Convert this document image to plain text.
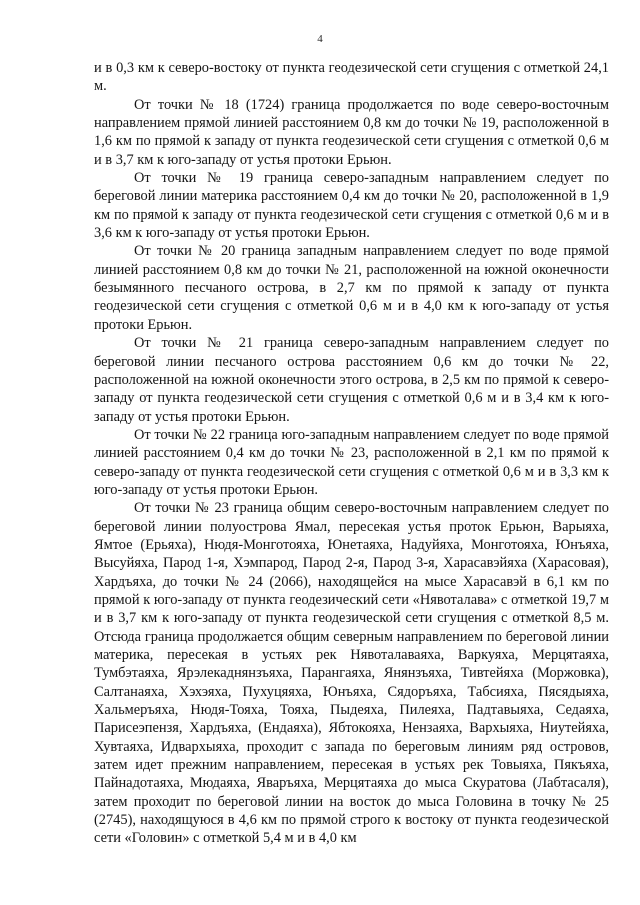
4

и в 0,3 км к северо-востоку от пункта геодезической сети сгущения с отметкой 24,1 м.

От точки № 18 (1724) граница продолжается по воде северо-восточным направлением прямой линией расстоянием 0,8 км до точки № 19, расположенной в 1,6 км по прямой к западу от пункта геодезической сети сгущения с отметкой 0,6 м и в 3,7 км к юго-западу от устья протоки Ерьюн.

От точки № 19 граница северо-западным направлением следует по береговой линии материка расстоянием 0,4 км до точки № 20, расположенной в 1,9 км по прямой к западу от пункта геодезической сети сгущения с отметкой 0,6 м и в 3,6 км к юго-западу от устья протоки Ерьюн.

От точки № 20 граница западным направлением следует по воде прямой линией расстоянием 0,8 км до точки № 21, расположенной на южной оконечности безымянного песчаного острова, в 2,7 км по прямой к западу от пункта геодезической сети сгущения с отметкой 0,6 м и в 4,0 км к юго-западу от устья протоки Ерьюн.

От точки № 21 граница северо-западным направлением следует по береговой линии песчаного острова расстоянием 0,6 км до точки № 22, расположенной на южной оконечности этого острова, в 2,5 км по прямой к северо-западу от пункта геодезической сети сгущения с отметкой 0,6 м и в 3,4 км к юго-западу от устья протоки Ерьюн.

От точки № 22 граница юго-западным направлением следует по воде прямой линией расстоянием 0,4 км до точки № 23, расположенной в 2,1 км по прямой к северо-западу от пункта геодезической сети сгущения с отметкой 0,6 м и в 3,3 км к юго-западу от устья протоки Ерьюн.

От точки № 23 граница общим северо-восточным направлением следует по береговой линии полуострова Ямал, пересекая устья проток Ерьюн, Варыяха, Ямтое (Ерьяха), Нюдя-Монготояха, Юнетаяха, Надуйяха, Монготояха, Юнъяха, Высуйяха, Парод 1-я, Хэмпарод, Парод 2-я, Парод 3-я, Харасавэйяха (Харасовая), Хардъяха, до точки № 24 (2066), находящейся на мысе Харасавэй в 6,1 км по прямой к юго-западу от пункта геодезический сети «Нявоталава» с отметкой 19,7 м и в 3,7 км к юго-западу от пункта геодезической сети сгущения с отметкой 8,5 м. Отсюда граница продолжается общим северным направлением по береговой линии материка, пересекая в устьях рек Нявоталаваяха, Варкуяха, Мерцятаяха, Тумбэтаяха, Ярэлекаднянзъяха, Парангаяха, Янянзъяха, Тивтейяха (Моржовка), Салтанаяха, Хэхэяха, Пухуцяяха, Юнъяха, Сядоръяха, Табсияха, Пясядыяха, Хальмеръяха, Нюдя-Тояха, Тояха, Пыдеяха, Пилеяха, Падтавыяха, Седаяха, Парисеэпензя, Хардъяха, (Ендаяха), Ябтокояха, Нензаяха, Вархыяха, Ниутейяха, Хувтаяха, Идвархыяха, проходит с запада по береговым линиям ряд островов, затем идет прежним направлением, пересекая в устьях рек Товыяха, Пякъяха, Пайнадотаяха, Мюдаяха, Яваръяха, Мерцятаяха до мыса Скуратова (Лабтасаля), затем проходит по береговой линии на восток до мыса Головина в точку № 25 (2745), находящуюся в 4,6 км по прямой строго к востоку от пункта геодезической сети «Головин» с отметкой 5,4 м и в 4,0 км
